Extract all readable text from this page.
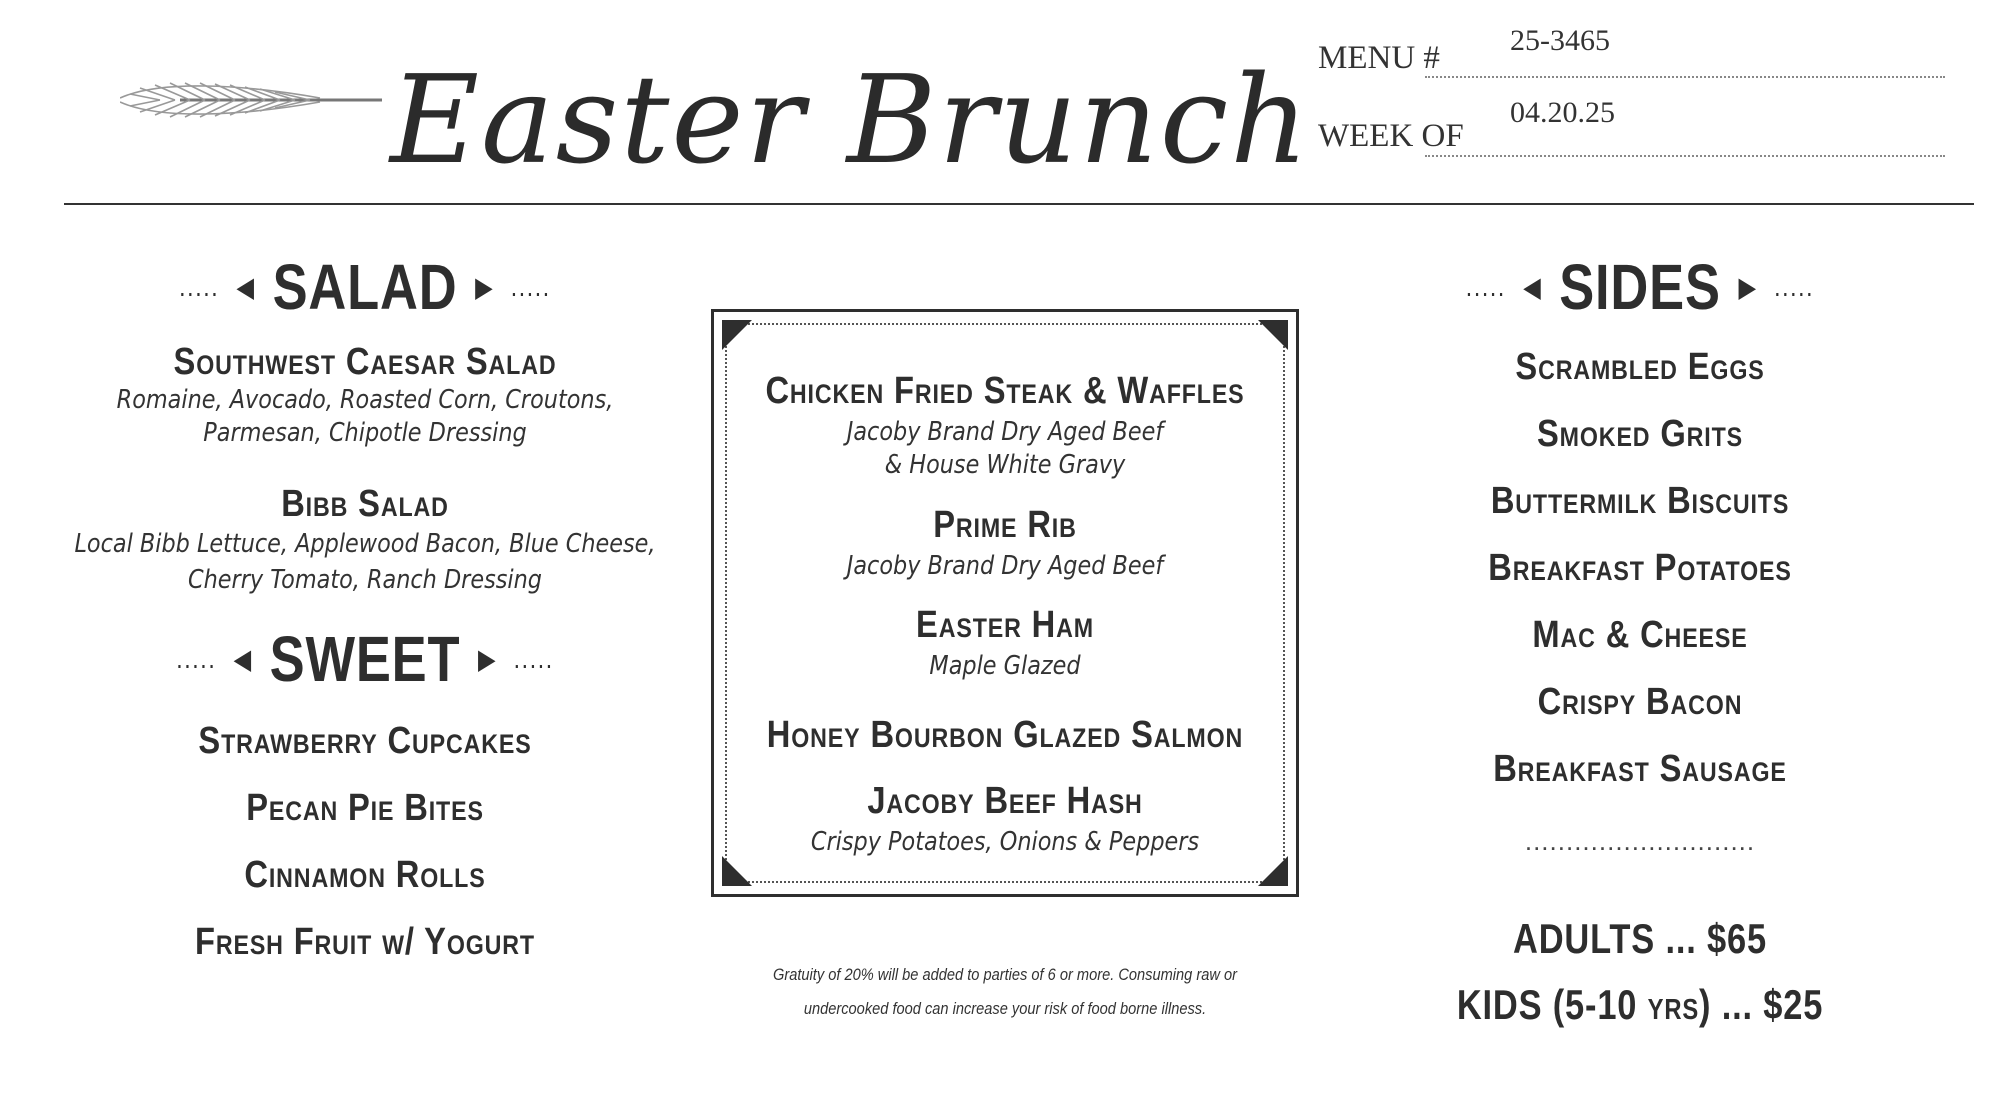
Easter Brunch MENU # 25-3465
WEEK OF
04.20.25
..... ◀ SALAD ▶ .....
Southwest Caesar Salad
Romaine, Avocado, Roasted Corn, Croutons,
Parmesan, Chipotle Dressing
Bibb Salad
Local Bibb Lettuce, Applewood Bacon, Blue Cheese,
Cherry Tomato, Ranch Dressing
..... ◀ SWEET ▶ .....
Strawberry Cupcakes
Pecan Pie Bites
Cinnamon Rolls
Fresh Fruit w/ Yogurt
Chicken Fried Steak & Waffles
Jacoby Brand Dry Aged Beef
& House White Gravy
Prime Rib
Jacoby Brand Dry Aged Beef
Easter Ham
Maple Glazed
Honey Bourbon Glazed Salmon
Jacoby Beef Hash
Crispy Potatoes, Onions & Peppers
Gratuity of 20% will be added to parties of 6 or more. Consuming raw or
undercooked food can increase your risk of food borne illness.
..... ◀ SIDES ▶ .....
Scrambled Eggs
Smoked Grits
Buttermilk Biscuits
Breakfast Potatoes
Mac & Cheese
Crispy Bacon
Breakfast Sausage
............................
ADULTS ... $65
KIDS (5-10 yrs) ... $25
